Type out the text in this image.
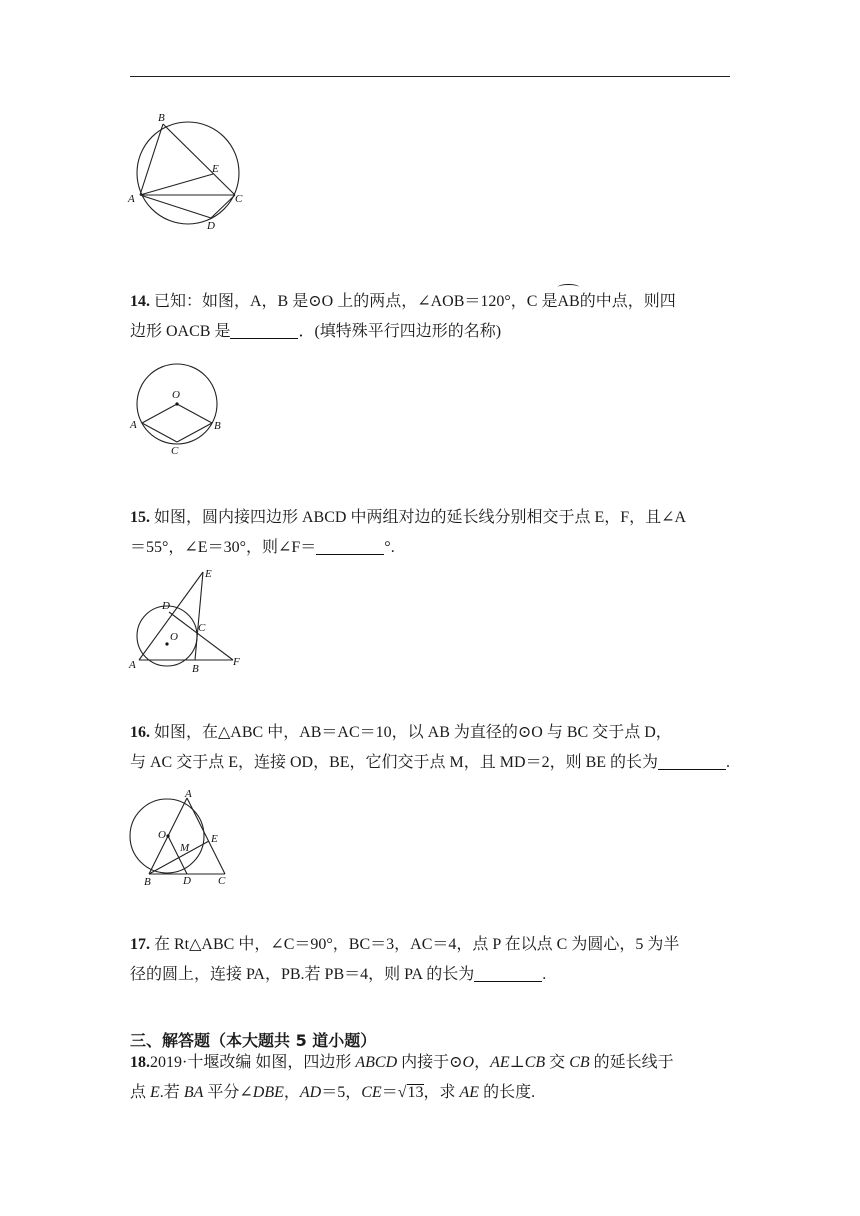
B
E
A	C
D
14. 已知：如图，A，B 是⊙O 上的两点，∠AOB＝120°，C 是AB的中点，则四
边形 OACB 是	．(填特殊平行四边形的名称)
O
A	B
C
15. 如图，圆内接四边形 ABCD 中两组对边的延长线分别相交于点 E，F，且∠A
＝55°，∠E＝30°，则∠F＝	°.
E
D
O
C
A	B
F
16. 如图，在△ABC 中，AB＝AC＝10，以 AB 为直径的⊙O 与 BC 交于点 D，
与 AC 交于点 E，连接 OD，BE，它们交于点 M，且 MD＝2，则 BE 的长为	.
A
O	E
M
B	D C
17. 在 Rt△ABC 中，∠C＝90°，BC＝3，AC＝4，点 P 在以点 C 为圆心，5 为半
径的圆上，连接 PA，PB.若 PB＝4，则 PA 的长为	.
三、解答题（本大题共 5 道小题）
18.2019·十堰改编 如图，四边形 ABCD 内接于⊙O，AE⊥CB 交 CB 的延长线于
点 E.若 BA 平分∠DBE，AD＝5，CE＝√13，求 AE 的长度.
